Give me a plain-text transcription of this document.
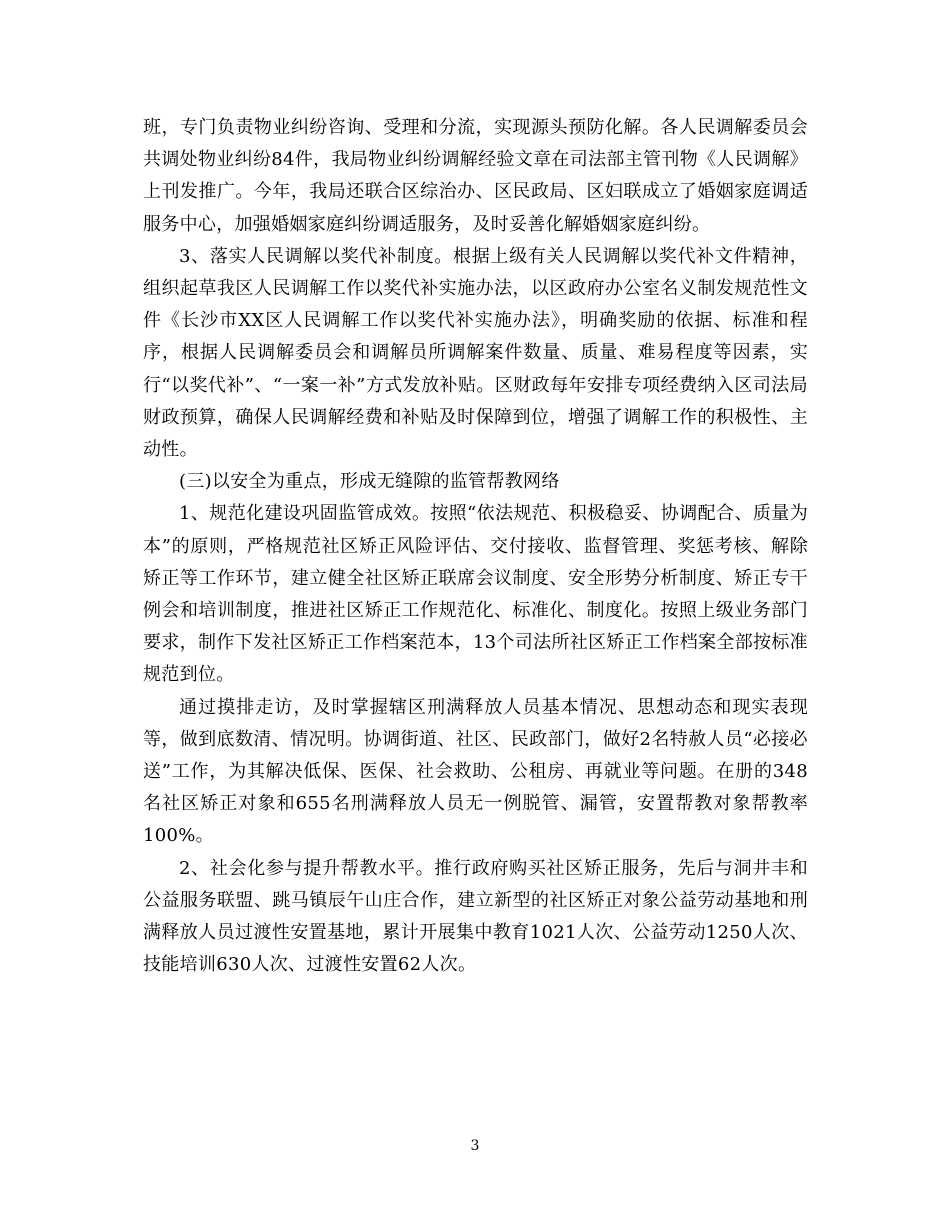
班，专门负责物业纠纷咨询、受理和分流，实现源头预防化解。各人民调解委员会共调处物业纠纷84件，我局物业纠纷调解经验文章在司法部主管刊物《人民调解》上刊发推广。今年，我局还联合区综治办、区民政局、区妇联成立了婚姻家庭调适服务中心，加强婚姻家庭纠纷调适服务，及时妥善化解婚姻家庭纠纷。

3、落实人民调解以奖代补制度。根据上级有关人民调解以奖代补文件精神，组织起草我区人民调解工作以奖代补实施办法，以区政府办公室名义制发规范性文件《长沙市XX区人民调解工作以奖代补实施办法》，明确奖励的依据、标准和程序，根据人民调解委员会和调解员所调解案件数量、质量、难易程度等因素，实行“以奖代补”、“一案一补”方式发放补贴。区财政每年安排专项经费纳入区司法局财政预算，确保人民调解经费和补贴及时保障到位，增强了调解工作的积极性、主动性。

(三)以安全为重点，形成无缝隙的监管帮教网络

1、规范化建设巩固监管成效。按照“依法规范、积极稳妥、协调配合、质量为本”的原则，严格规范社区矫正风险评估、交付接收、监督管理、奖惩考核、解除矫正等工作环节，建立健全社区矫正联席会议制度、安全形势分析制度、矫正专干例会和培训制度，推进社区矫正工作规范化、标准化、制度化。按照上级业务部门要求，制作下发社区矫正工作档案范本，13个司法所社区矫正工作档案全部按标准规范到位。

通过摸排走访，及时掌握辖区刑满释放人员基本情况、思想动态和现实表现等，做到底数清、情况明。协调街道、社区、民政部门，做好2名特赦人员“必接必送”工作，为其解决低保、医保、社会救助、公租房、再就业等问题。在册的348名社区矫正对象和655名刑满释放人员无一例脱管、漏管，安置帮教对象帮教率100%。

2、社会化参与提升帮教水平。推行政府购买社区矫正服务，先后与洞井丰和公益服务联盟、跳马镇辰午山庄合作，建立新型的社区矫正对象公益劳动基地和刑满释放人员过渡性安置基地，累计开展集中教育1021人次、公益劳动1250人次、技能培训630人次、过渡性安置62人次。

3
